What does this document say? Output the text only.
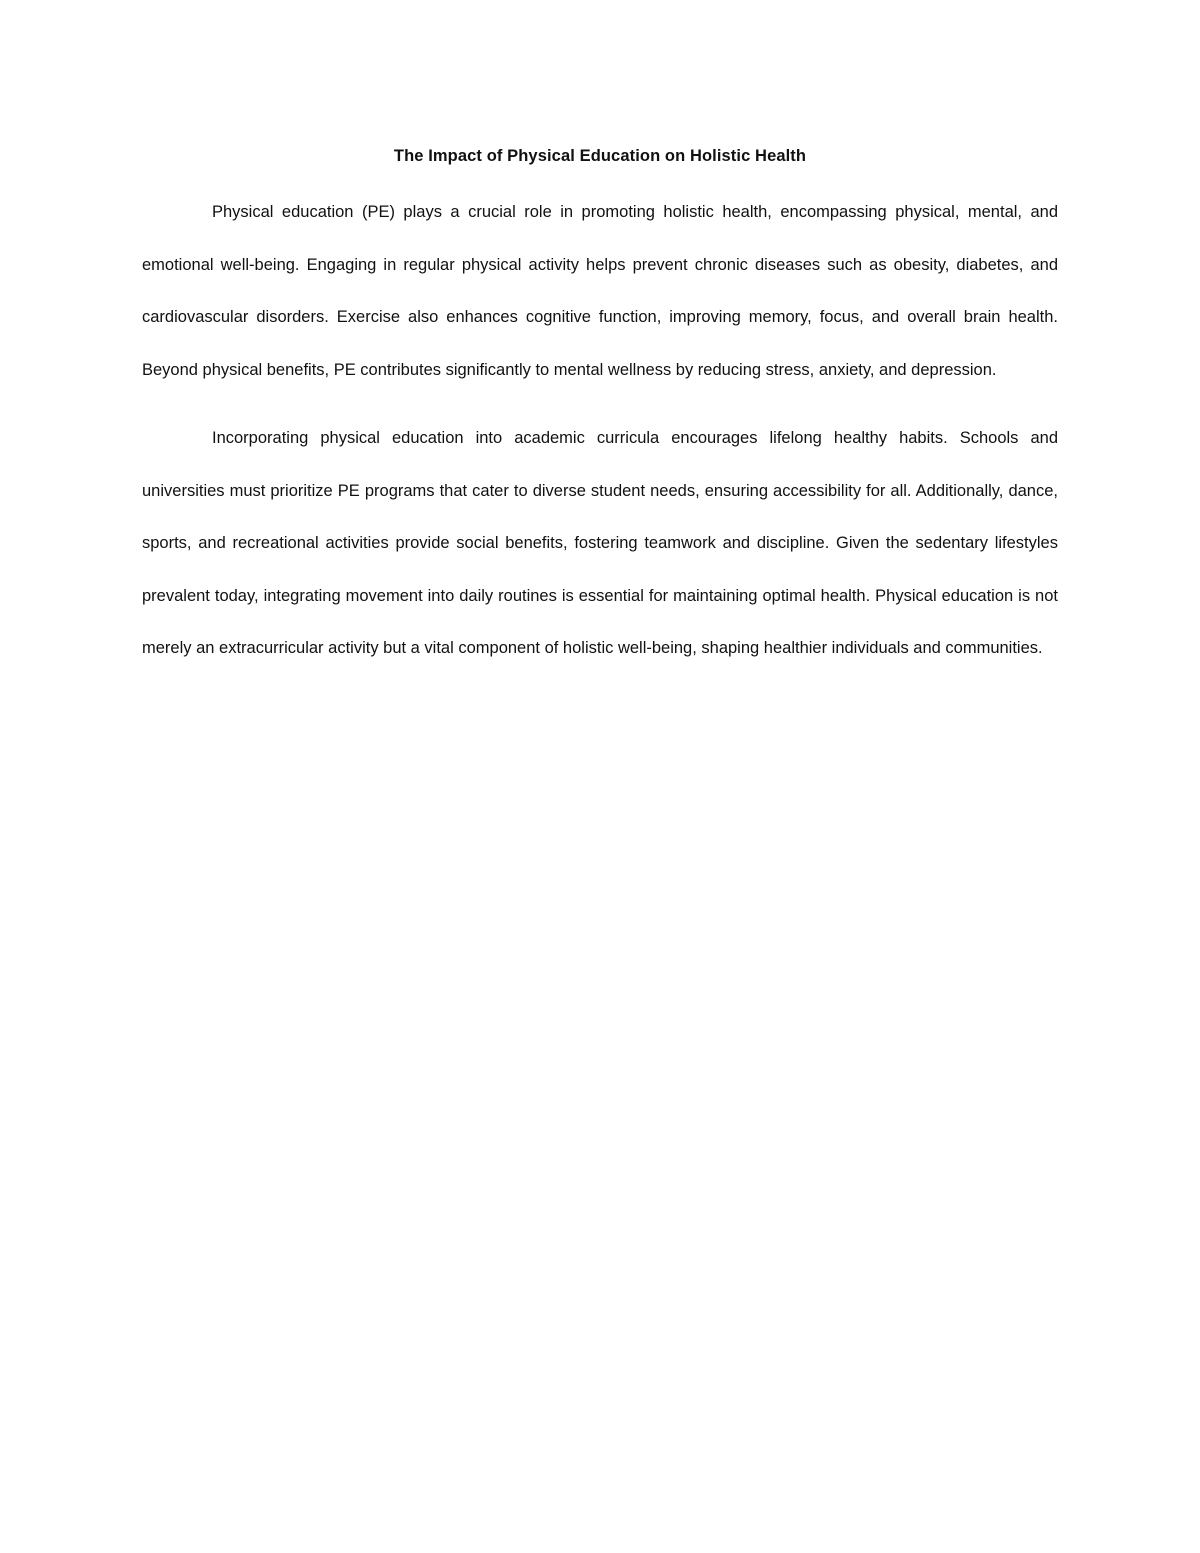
The Impact of Physical Education on Holistic Health

Physical education (PE) plays a crucial role in promoting holistic health, encompassing physical, mental, and emotional well-being. Engaging in regular physical activity helps prevent chronic diseases such as obesity, diabetes, and cardiovascular disorders. Exercise also enhances cognitive function, improving memory, focus, and overall brain health. Beyond physical benefits, PE contributes significantly to mental wellness by reducing stress, anxiety, and depression.

Incorporating physical education into academic curricula encourages lifelong healthy habits. Schools and universities must prioritize PE programs that cater to diverse student needs, ensuring accessibility for all. Additionally, dance, sports, and recreational activities provide social benefits, fostering teamwork and discipline. Given the sedentary lifestyles prevalent today, integrating movement into daily routines is essential for maintaining optimal health. Physical education is not merely an extracurricular activity but a vital component of holistic well-being, shaping healthier individuals and communities.
